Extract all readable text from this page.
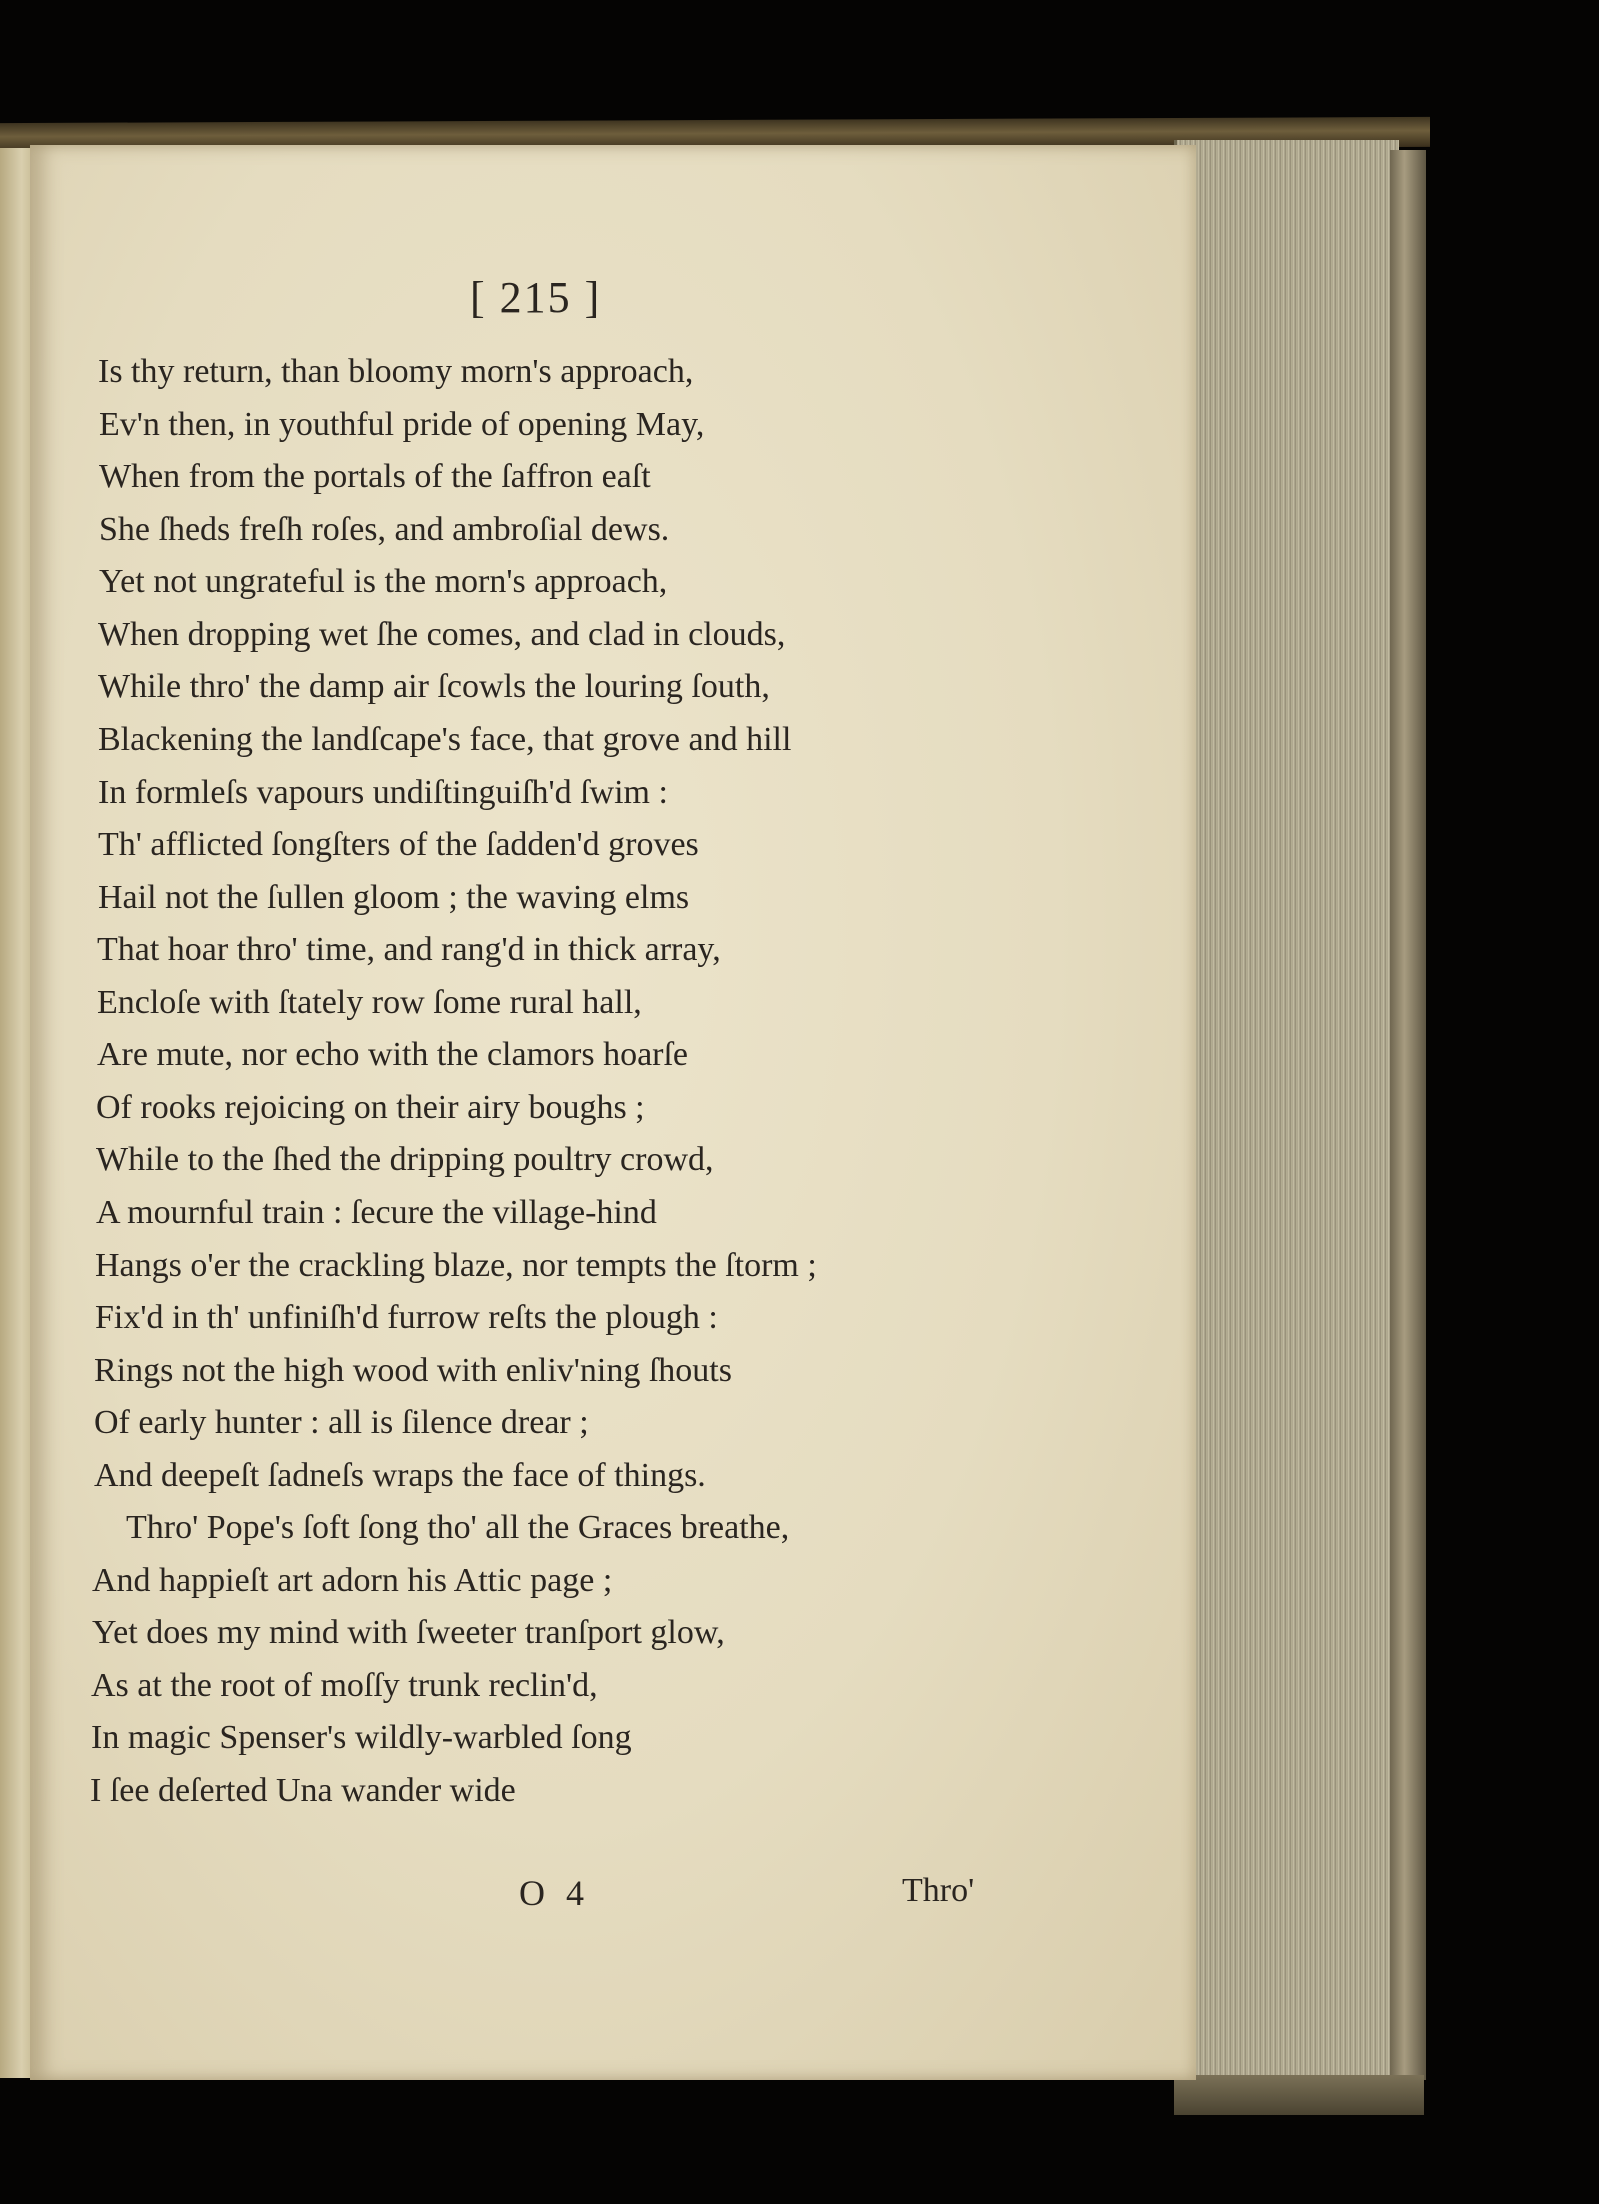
[ 215 ]
Is thy return, than bloomy morn's approach,
Ev'n then, in youthful pride of opening May,
When from the portals of the ſaffron eaſt
She ſheds freſh roſes, and ambroſial dews.
Yet not ungrateful is the morn's approach,
When dropping wet ſhe comes, and clad in clouds,
While thro' the damp air ſcowls the louring ſouth,
Blackening the landſcape's face, that grove and hill
In formleſs vapours undiſtinguiſh'd ſwim :
Th' afflicted ſongſters of the ſadden'd groves
Hail not the ſullen gloom ; the waving elms
That hoar thro' time, and rang'd in thick array,
Encloſe with ſtately row ſome rural hall,
Are mute, nor echo with the clamors hoarſe
Of rooks rejoicing on their airy boughs ;
While to the ſhed the dripping poultry crowd,
A mournful train : ſecure the village-hind
Hangs o'er the crackling blaze, nor tempts the ſtorm ;
Fix'd in th' unfiniſh'd furrow reſts the plough :
Rings not the high wood with enliv'ning ſhouts
Of early hunter : all is ſilence drear ;
And deepeſt ſadneſs wraps the face of things.
Thro' Pope's ſoft ſong tho' all the Graces breathe,
And happieſt art adorn his Attic page ;
Yet does my mind with ſweeter tranſport glow,
As at the root of moſſy trunk reclin'd,
In magic Spenser's wildly-warbled ſong
I ſee deſerted Una wander wide
O 4	Thro'
